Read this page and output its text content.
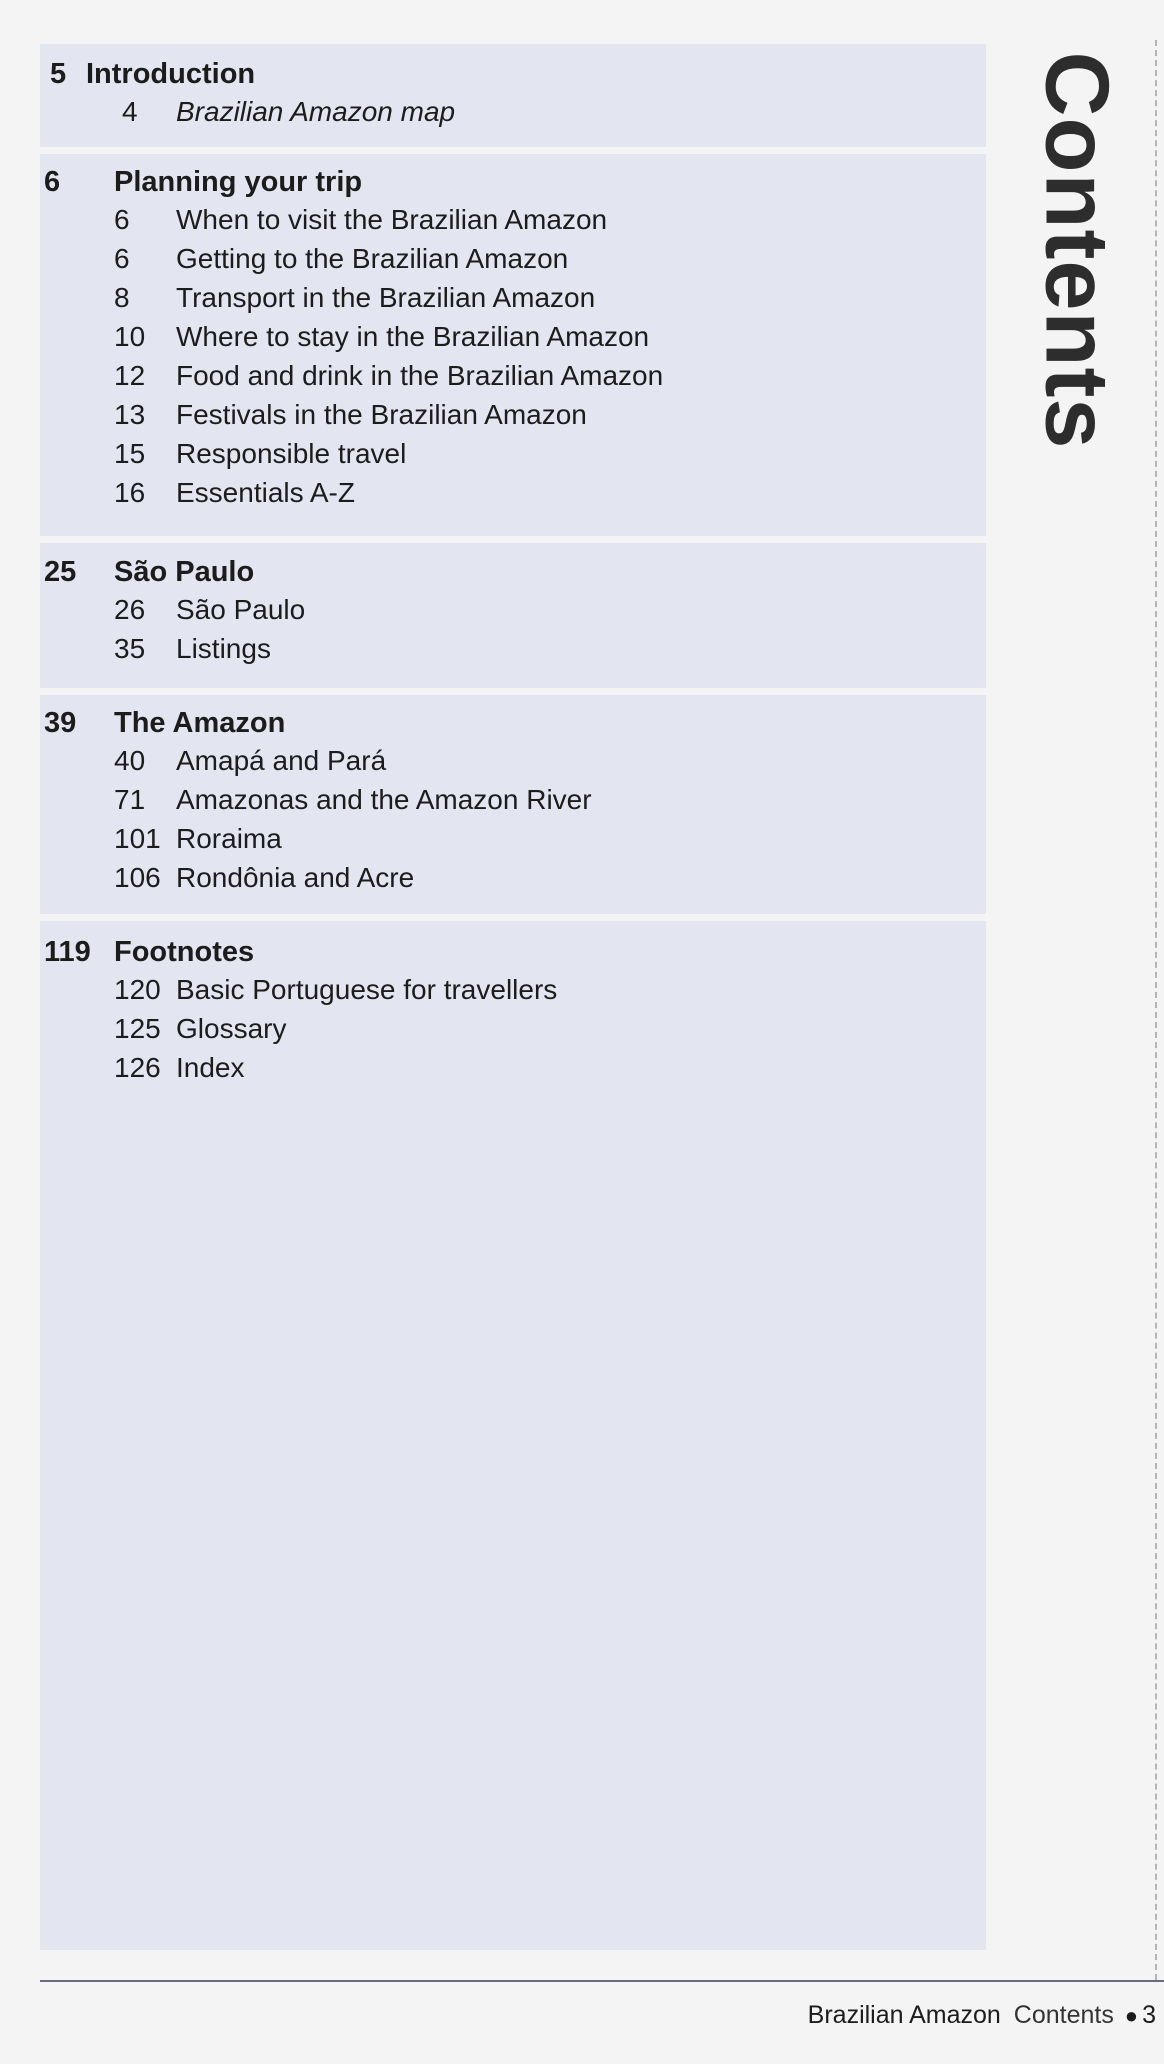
5 Introduction
4	Brazilian Amazon map
6 Planning your trip
6	When to visit the Brazilian Amazon
6	Getting to the Brazilian Amazon
8	Transport in the Brazilian Amazon
10	Where to stay in the Brazilian Amazon
12	Food and drink in the Brazilian Amazon
13	Festivals in the Brazilian Amazon
15	Responsible travel
16	Essentials A-Z
25 São Paulo
26	São Paulo
35	Listings
39 The Amazon
40	Amapá and Pará
71	Amazonas and the Amazon River
101 Roraima
106 Rondônia and Acre
119 Footnotes
120 Basic Portuguese for travellers
125 Glossary
126 Index
Contents
Brazilian Amazon Contents ● 3
